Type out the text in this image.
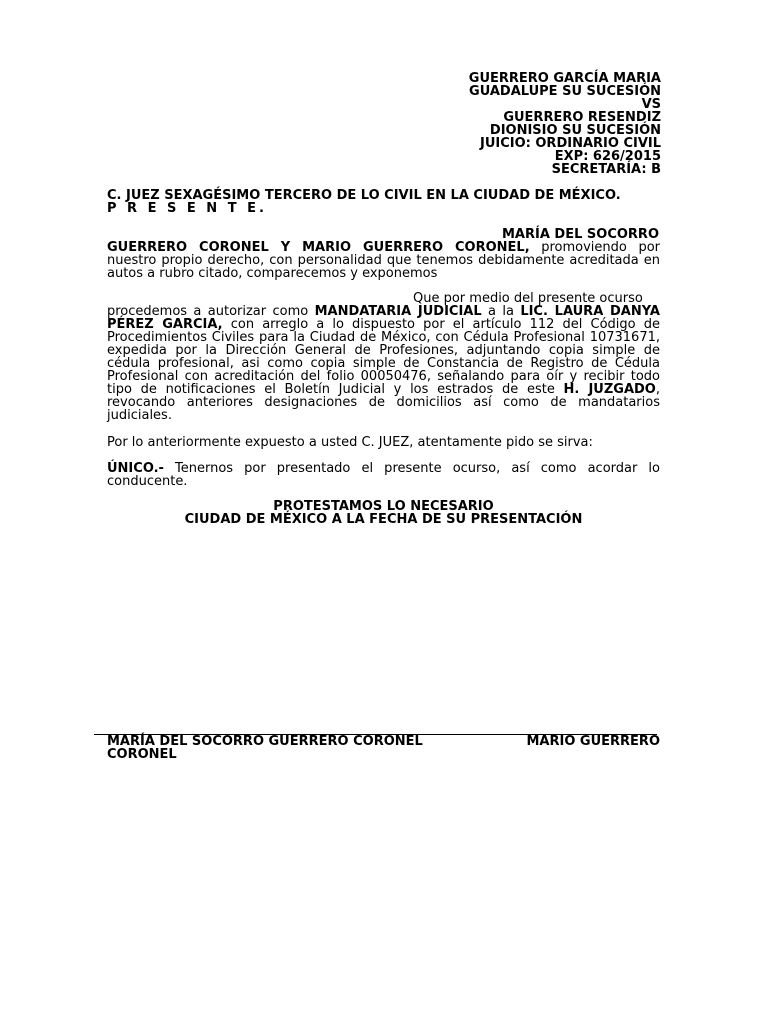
GUERRERO GARCÍA MARIA
GUADALUPE SU SUCESIÓN
VS
GUERRERO RESENDIZ
DIONISIO SU SUCESIÓN
JUICIO: ORDINARIO CIVIL
EXP: 626/2015
SECRETARÍA: B
C. JUEZ SEXAGÉSIMO TERCERO DE LO CIVIL EN LA CIUDAD DE MÉXICO.
P R E S E N T E.
MARÍA DEL SOCORRO
GUERRERO CORONEL Y MARIO GUERRERO CORONEL, promoviendo por nuestro propio derecho, con personalidad que tenemos debidamente acreditada en autos a rubro citado, comparecemos y exponemos
Que por medio del presente ocurso
procedemos a autorizar como MANDATARIA JUDICIAL a la LIC. LAURA DANYA PÉREZ GARCIA, con arreglo a lo dispuesto por el artículo 112 del Código de Procedimientos Civiles para la Ciudad de México, con Cédula Profesional 10731671, expedida por la Dirección General de Profesiones, adjuntando copia simple de cédula profesional, asi como copia simple de Constancia de Registro de Cédula Profesional con acreditación del folio 00050476, señalando para oír y recibir todo tipo de notificaciones el Boletín Judicial y los estrados de este H. JUZGADO, revocando anteriores designaciones de domicilios así como de mandatarios judiciales.
Por lo anteriormente expuesto a usted C. JUEZ, atentamente pido se sirva:
ÚNICO.- Tenernos por presentado el presente ocurso, así como acordar lo conducente.
PROTESTAMOS LO NECESARIO
CIUDAD DE MÉXICO A LA FECHA DE SU PRESENTACIÓN
MARÍA DEL SOCORRO GUERRERO CORONEL	MARIO GUERRERO
CORONEL
